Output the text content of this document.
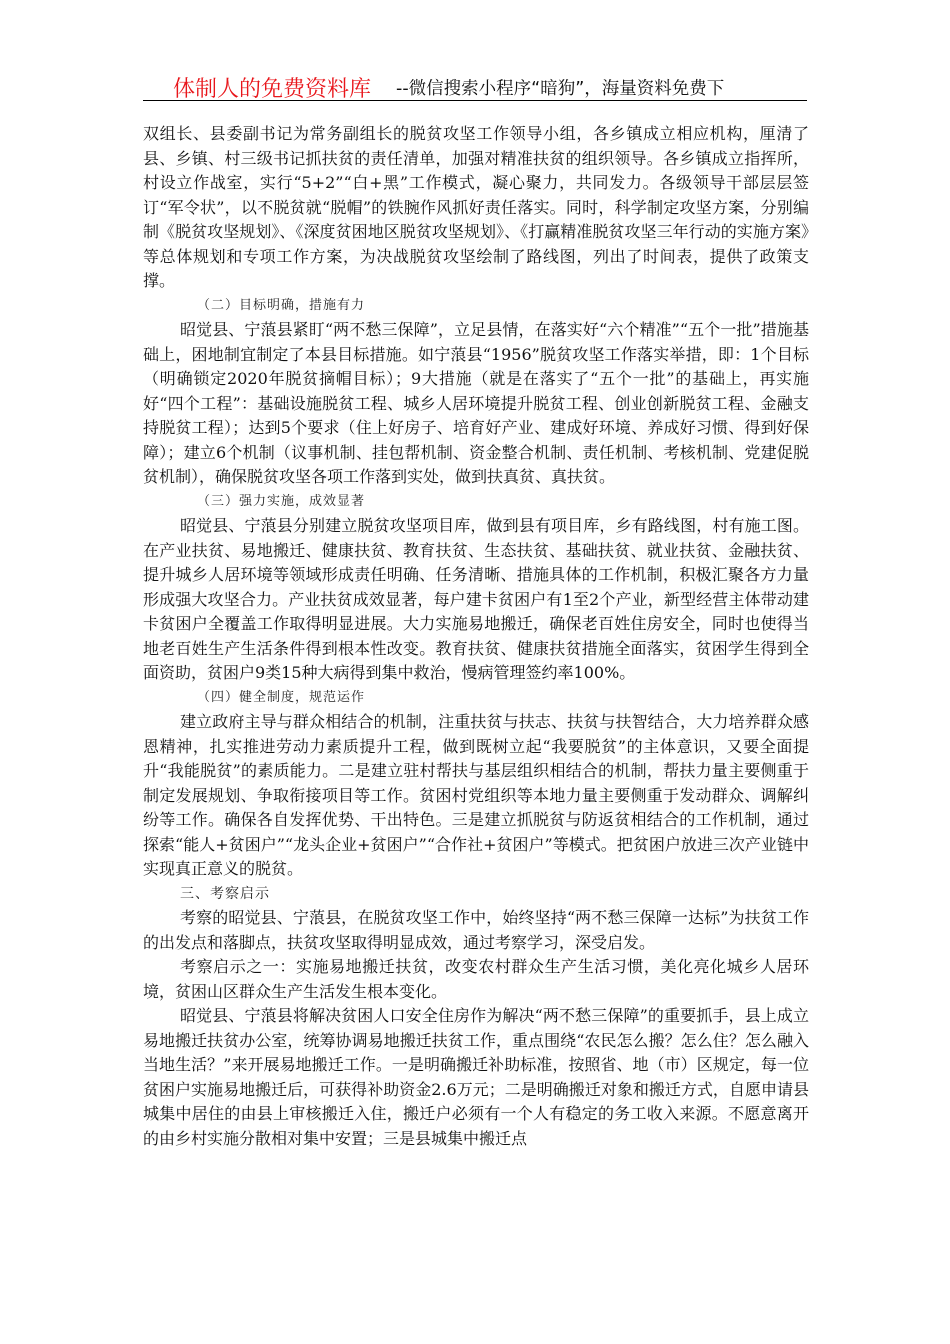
体制人的免费资料库 --微信搜索小程序“暗狗”，海量资料免费下

双组长、县委副书记为常务副组长的脱贫攻坚工作领导小组，各乡镇成立相应机构，厘清了县、乡镇、村三级书记抓扶贫的责任清单，加强对精准扶贫的组织领导。各乡镇成立指挥所，村设立作战室，实行“5+2”“白+黑”工作模式，凝心聚力，共同发力。各级领导干部层层签订“军令状”，以不脱贫就“脱帽”的铁腕作风抓好责任落实。同时，科学制定攻坚方案，分别编制《脱贫攻坚规划》、《深度贫困地区脱贫攻坚规划》、《打赢精准脱贫攻坚三年行动的实施方案》等总体规划和专项工作方案，为决战脱贫攻坚绘制了路线图，列出了时间表，提供了政策支撑。

（二）目标明确，措施有力

昭觉县、宁蒗县紧盯“两不愁三保障”，立足县情，在落实好“六个精准”“五个一批”措施基础上，困地制宜制定了本县目标措施。如宁蒗县“1956”脱贫攻坚工作落实举措，即：1个目标（明确锁定2020年脱贫摘帽目标）；9大措施（就是在落实了“五个一批”的基础上，再实施好“四个工程”：基础设施脱贫工程、城乡人居环境提升脱贫工程、创业创新脱贫工程、金融支持脱贫工程）；达到5个要求（住上好房子、培育好产业、建成好环境、养成好习惯、得到好保障）；建立6个机制（议事机制、挂包帮机制、资金整合机制、责任机制、考核机制、党建促脱贫机制），确保脱贫攻坚各项工作落到实处，做到扶真贫、真扶贫。

（三）强力实施，成效显著

昭觉县、宁蒗县分别建立脱贫攻坚项目库，做到县有项目库，乡有路线图，村有施工图。在产业扶贫、易地搬迁、健康扶贫、教育扶贫、生态扶贫、基础扶贫、就业扶贫、金融扶贫、提升城乡人居环境等领域形成责任明确、任务清晰、措施具体的工作机制，积极汇聚各方力量形成强大攻坚合力。产业扶贫成效显著，每户建卡贫困户有1至2个产业，新型经营主体带动建卡贫困户全覆盖工作取得明显进展。大力实施易地搬迁，确保老百姓住房安全，同时也使得当地老百姓生产生活条件得到根本性改变。教育扶贫、健康扶贫措施全面落实，贫困学生得到全面资助，贫困户9类15种大病得到集中救治，慢病管理签约率100%。

（四）健全制度，规范运作

建立政府主导与群众相结合的机制，注重扶贫与扶志、扶贫与扶智结合，大力培养群众感恩精神，扎实推进劳动力素质提升工程，做到既树立起“我要脱贫”的主体意识，又要全面提升“我能脱贫”的素质能力。二是建立驻村帮扶与基层组织相结合的机制，帮扶力量主要侧重于制定发展规划、争取衔接项目等工作。贫困村党组织等本地力量主要侧重于发动群众、调解纠纷等工作。确保各自发挥优势、干出特色。三是建立抓脱贫与防返贫相结合的工作机制，通过探索“能人+贫困户”“龙头企业+贫困户”“合作社+贫困户”等模式。把贫困户放进三次产业链中实现真正意义的脱贫。

三、考察启示

考察的昭觉县、宁蒗县，在脱贫攻坚工作中，始终坚持“两不愁三保障一达标”为扶贫工作的出发点和落脚点，扶贫攻坚取得明显成效，通过考察学习，深受启发。

考察启示之一：实施易地搬迁扶贫，改变农村群众生产生活习惯，美化亮化城乡人居环境，贫困山区群众生产生活发生根本变化。

昭觉县、宁蒗县将解决贫困人口安全住房作为解决“两不愁三保障”的重要抓手，县上成立易地搬迁扶贫办公室，统筹协调易地搬迁扶贫工作，重点围绕“农民怎么搬？怎么住？怎么融入当地生活？”来开展易地搬迁工作。一是明确搬迁补助标准，按照省、地（市）区规定，每一位贫困户实施易地搬迁后，可获得补助资金2.6万元；二是明确搬迁对象和搬迁方式，自愿申请县城集中居住的由县上审核搬迁入住，搬迁户必须有一个人有稳定的务工收入来源。不愿意离开的由乡村实施分散相对集中安置；三是县城集中搬迁点
